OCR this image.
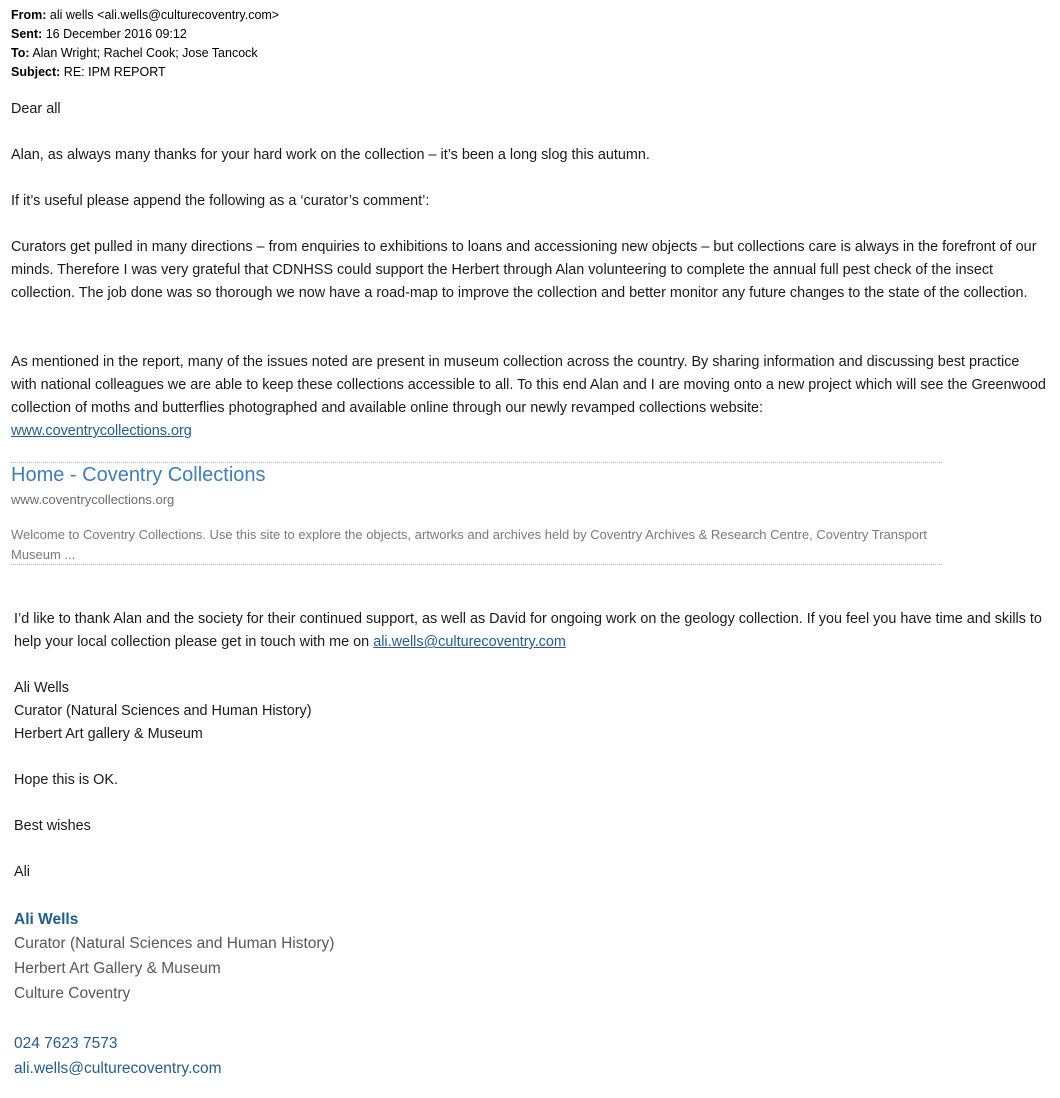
From: ali wells <ali.wells@culturecoventry.com>
Sent: 16 December 2016 09:12
To: Alan Wright; Rachel Cook; Jose Tancock
Subject: RE: IPM REPORT
Dear all
Alan, as always many thanks for your hard work on the collection – it’s been a long slog this autumn.
If it’s useful please append the following as a ‘curator’s comment’:
Curators get pulled in many directions – from enquiries to exhibitions to loans and accessioning new objects – but collections care is always in the forefront of our minds. Therefore I was very grateful that CDNHSS could support the Herbert through Alan volunteering to complete the annual full pest check of the insect collection. The job done was so thorough we now have a road-map to improve the collection and better monitor any future changes to the state of the collection.
As mentioned in the report, many of the issues noted are present in museum collection across the country. By sharing information and discussing best practice with national colleagues we are able to keep these collections accessible to all. To this end Alan and I are moving onto a new project which will see the Greenwood collection of moths and butterflies photographed and available online through our newly revamped collections website:
www.coventrycollections.org
Home - Coventry Collections
www.coventrycollections.org
Welcome to Coventry Collections. Use this site to explore the objects, artworks and archives held by Coventry Archives & Research Centre, Coventry Transport Museum ...
I’d like to thank Alan and the society for their continued support, as well as David for ongoing work on the geology collection. If you feel you have time and skills to help your local collection please get in touch with me on ali.wells@culturecoventry.com
Ali Wells
Curator (Natural Sciences and Human History)
Herbert Art gallery & Museum
Hope this is OK.
Best wishes
Ali
Ali Wells
Curator (Natural Sciences and Human History)
Herbert Art Gallery & Museum
Culture Coventry
024 7623 7573
ali.wells@culturecoventry.com
